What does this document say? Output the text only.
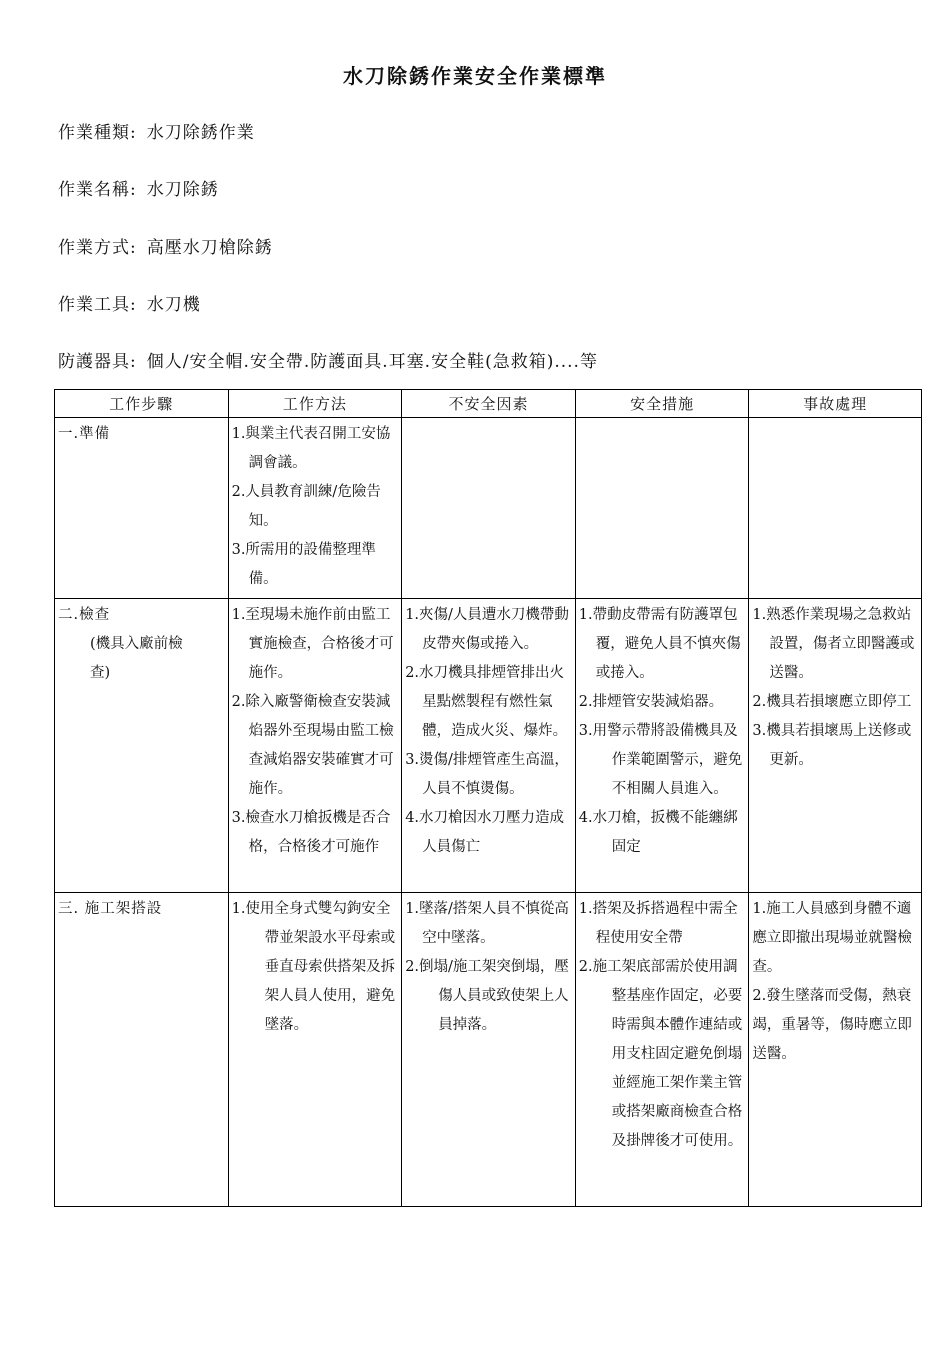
水刀除銹作業安全作業標準
作業種類: 水刀除銹作業
作業名稱: 水刀除銹
作業方式: 高壓水刀槍除銹
作業工具: 水刀機
防護器具: 個人/安全帽.安全帶.防護面具.耳塞.安全鞋(急救箱)....等
工作步驟	工作方法	不安全因素	安全措施	事故處理

一.準備	1.與業主代表召開工安協調會議。
2.人員教育訓練/危險告知。
3.所需用的設備整理準備。			

二.檢查
(機具入廠前檢查)	1.至現場未施作前由監工實施檢查，合格後才可施作。
2.除入廠警衛檢查安裝減焰器外至現場由監工檢查減焰器安裝確實才可施作。
3.檢查水刀槍扳機是否合格，合格後才可施作	1.夾傷/人員遭水刀機帶動皮帶夾傷或捲入。
2.水刀機具排煙管排出火星點燃製程有燃性氣體，造成火災、爆炸。
3.燙傷/排煙管產生高溫，人員不慎燙傷。
4.水刀槍因水刀壓力造成人員傷亡	1.帶動皮帶需有防護罩包覆，避免人員不慎夾傷或捲入。
2.排煙管安裝減焰器。
3.用警示帶將設備機具及作業範圍警示，避免不相關人員進入。
4.水刀槍，扳機不能纏綁固定	1.熟悉作業現場之急救站設置，傷者立即醫護或送醫。
2.機具若損壞應立即停工
3.機具若損壞馬上送修或更新。

三. 施工架搭設	1.使用全身式雙勾鉤安全帶並架設水平母索或垂直母索供搭架及拆架人員人使用，避免墜落。	1.墜落/搭架人員不慎從高空中墜落。
2.倒塌/施工架突倒塌，壓傷人員或致使架上人員掉落。	1.搭架及拆搭過程中需全程使用安全帶
2.施工架底部需於使用調整基座作固定，必要時需與本體作連結或用支柱固定避免倒塌並經施工架作業主管或搭架廠商檢查合格及掛牌後才可使用。	1.施工人員感到身體不適應立即撤出現場並就醫檢查。
2.發生墜落而受傷，熱衰竭，重暑等，傷時應立即送醫。
